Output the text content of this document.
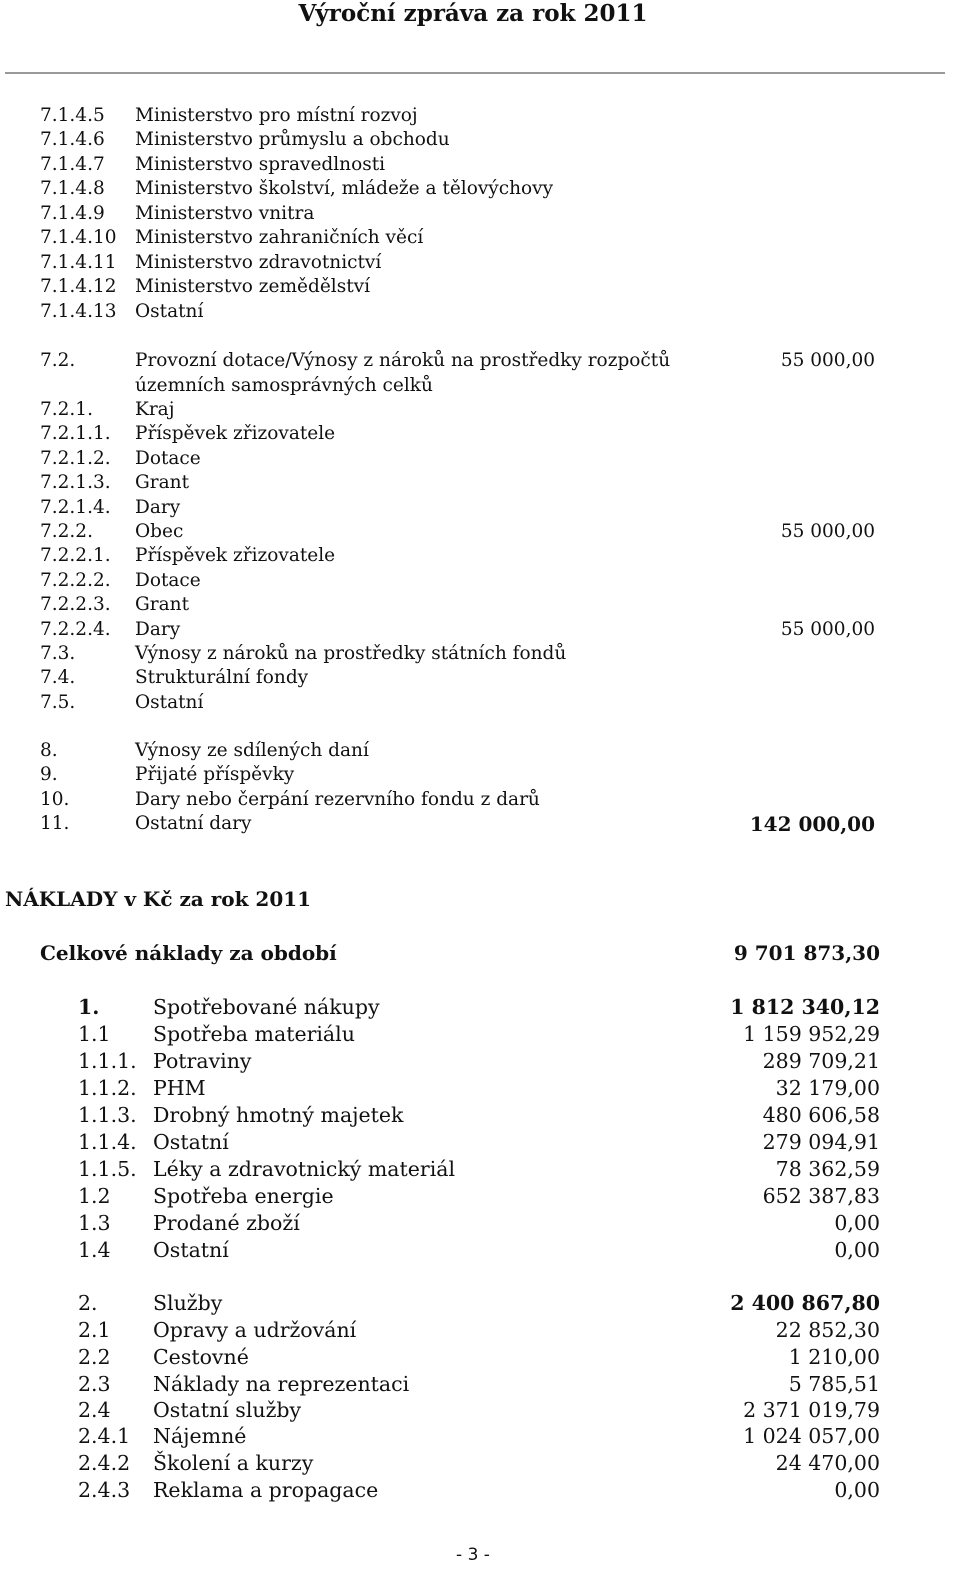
Výroční zpráva za rok 2011
7.1.4.5 Ministerstvo pro místní rozvoj
7.1.4.6 Ministerstvo průmyslu a obchodu
7.1.4.7 Ministerstvo spravedlnosti
7.1.4.8 Ministerstvo školství, mládeže a tělovýchovy
7.1.4.9 Ministerstvo vnitra
7.1.4.10 Ministerstvo zahraničních věcí
7.1.4.11 Ministerstvo zdravotnictví
7.1.4.12 Ministerstvo zemědělství
7.1.4.13 Ostatní
7.2.	Provozní dotace/Výnosy z nároků na prostředky rozpočtů	55 000,00
územních samosprávných celků
7.2.1. Kraj
7.2.1.1. Příspěvek zřizovatele
7.2.1.2. Dotace
7.2.1.3. Grant
7.2.1.4. Dary
7.2.2. Obec	55 000,00
7.2.2.1. Příspěvek zřizovatele
7.2.2.2. Dotace
7.2.2.3. Grant
7.2.2.4. Dary	55 000,00
7.3.	Výnosy z nároků na prostředky státních fondů
7.4.	Strukturální fondy
7.5.	Ostatní
8.	Výnosy ze sdílených daní
9.	Přijaté příspěvky
10.	Dary nebo čerpání rezervního fondu z darů
11.	Ostatní dary	142 000,00
NÁKLADY v Kč za rok 2011
Celkové náklady za období	9 701 873,30
1.	Spotřebované nákupy	1 812 340,12
1.1 Spotřeba materiálu	1 159 952,29
1.1.1. Potraviny	289 709,21
1.1.2. PHM	32 179,00
1.1.3. Drobný hmotný majetek	480 606,58
1.1.4. Ostatní	279 094,91
1.1.5. Léky a zdravotnický materiál	78 362,59
1.2 Spotřeba energie	652 387,83
1.3 Prodané zboží	0,00
1.4 Ostatní	0,00
2.	Služby	2 400 867,80
2.1 Opravy a udržování	22 852,30
2.2 Cestovné	1 210,00
2.3 Náklady na reprezentaci	5 785,51
2.4 Ostatní služby	2 371 019,79
2.4.1 Nájemné	1 024 057,00
2.4.2 Školení a kurzy	24 470,00
2.4.3 Reklama a propagace	0,00
- 3 -
